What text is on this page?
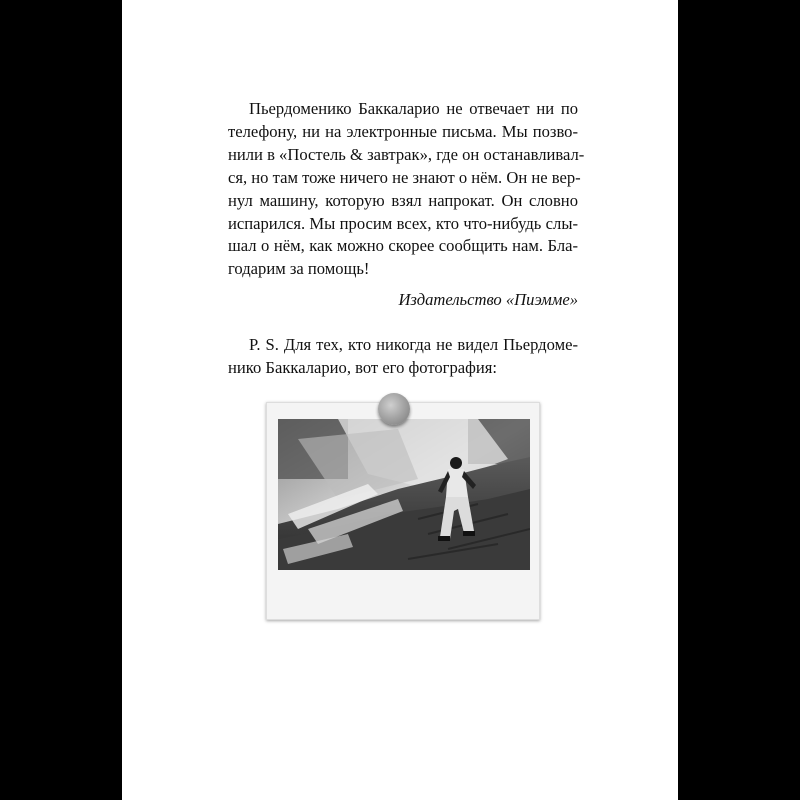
Пьердоменико Баккаларио не отвечает ни по
телефону, ни на электронные письма. Мы позво-
нили в «Постель & завтрак», где он останавливал-
ся, но там тоже ничего не знают о нём. Он не вер-
нул машину, которую взял напрокат. Он словно
испарился. Мы просим всех, кто что-нибудь слы-
шал о нём, как можно скорее сообщить нам. Бла-
годарим за помощь!
Издательство «Пиэмме»
P. S. Для тех, кто никогда не видел Пьердоме-
нико Баккаларио, вот его фотография:
